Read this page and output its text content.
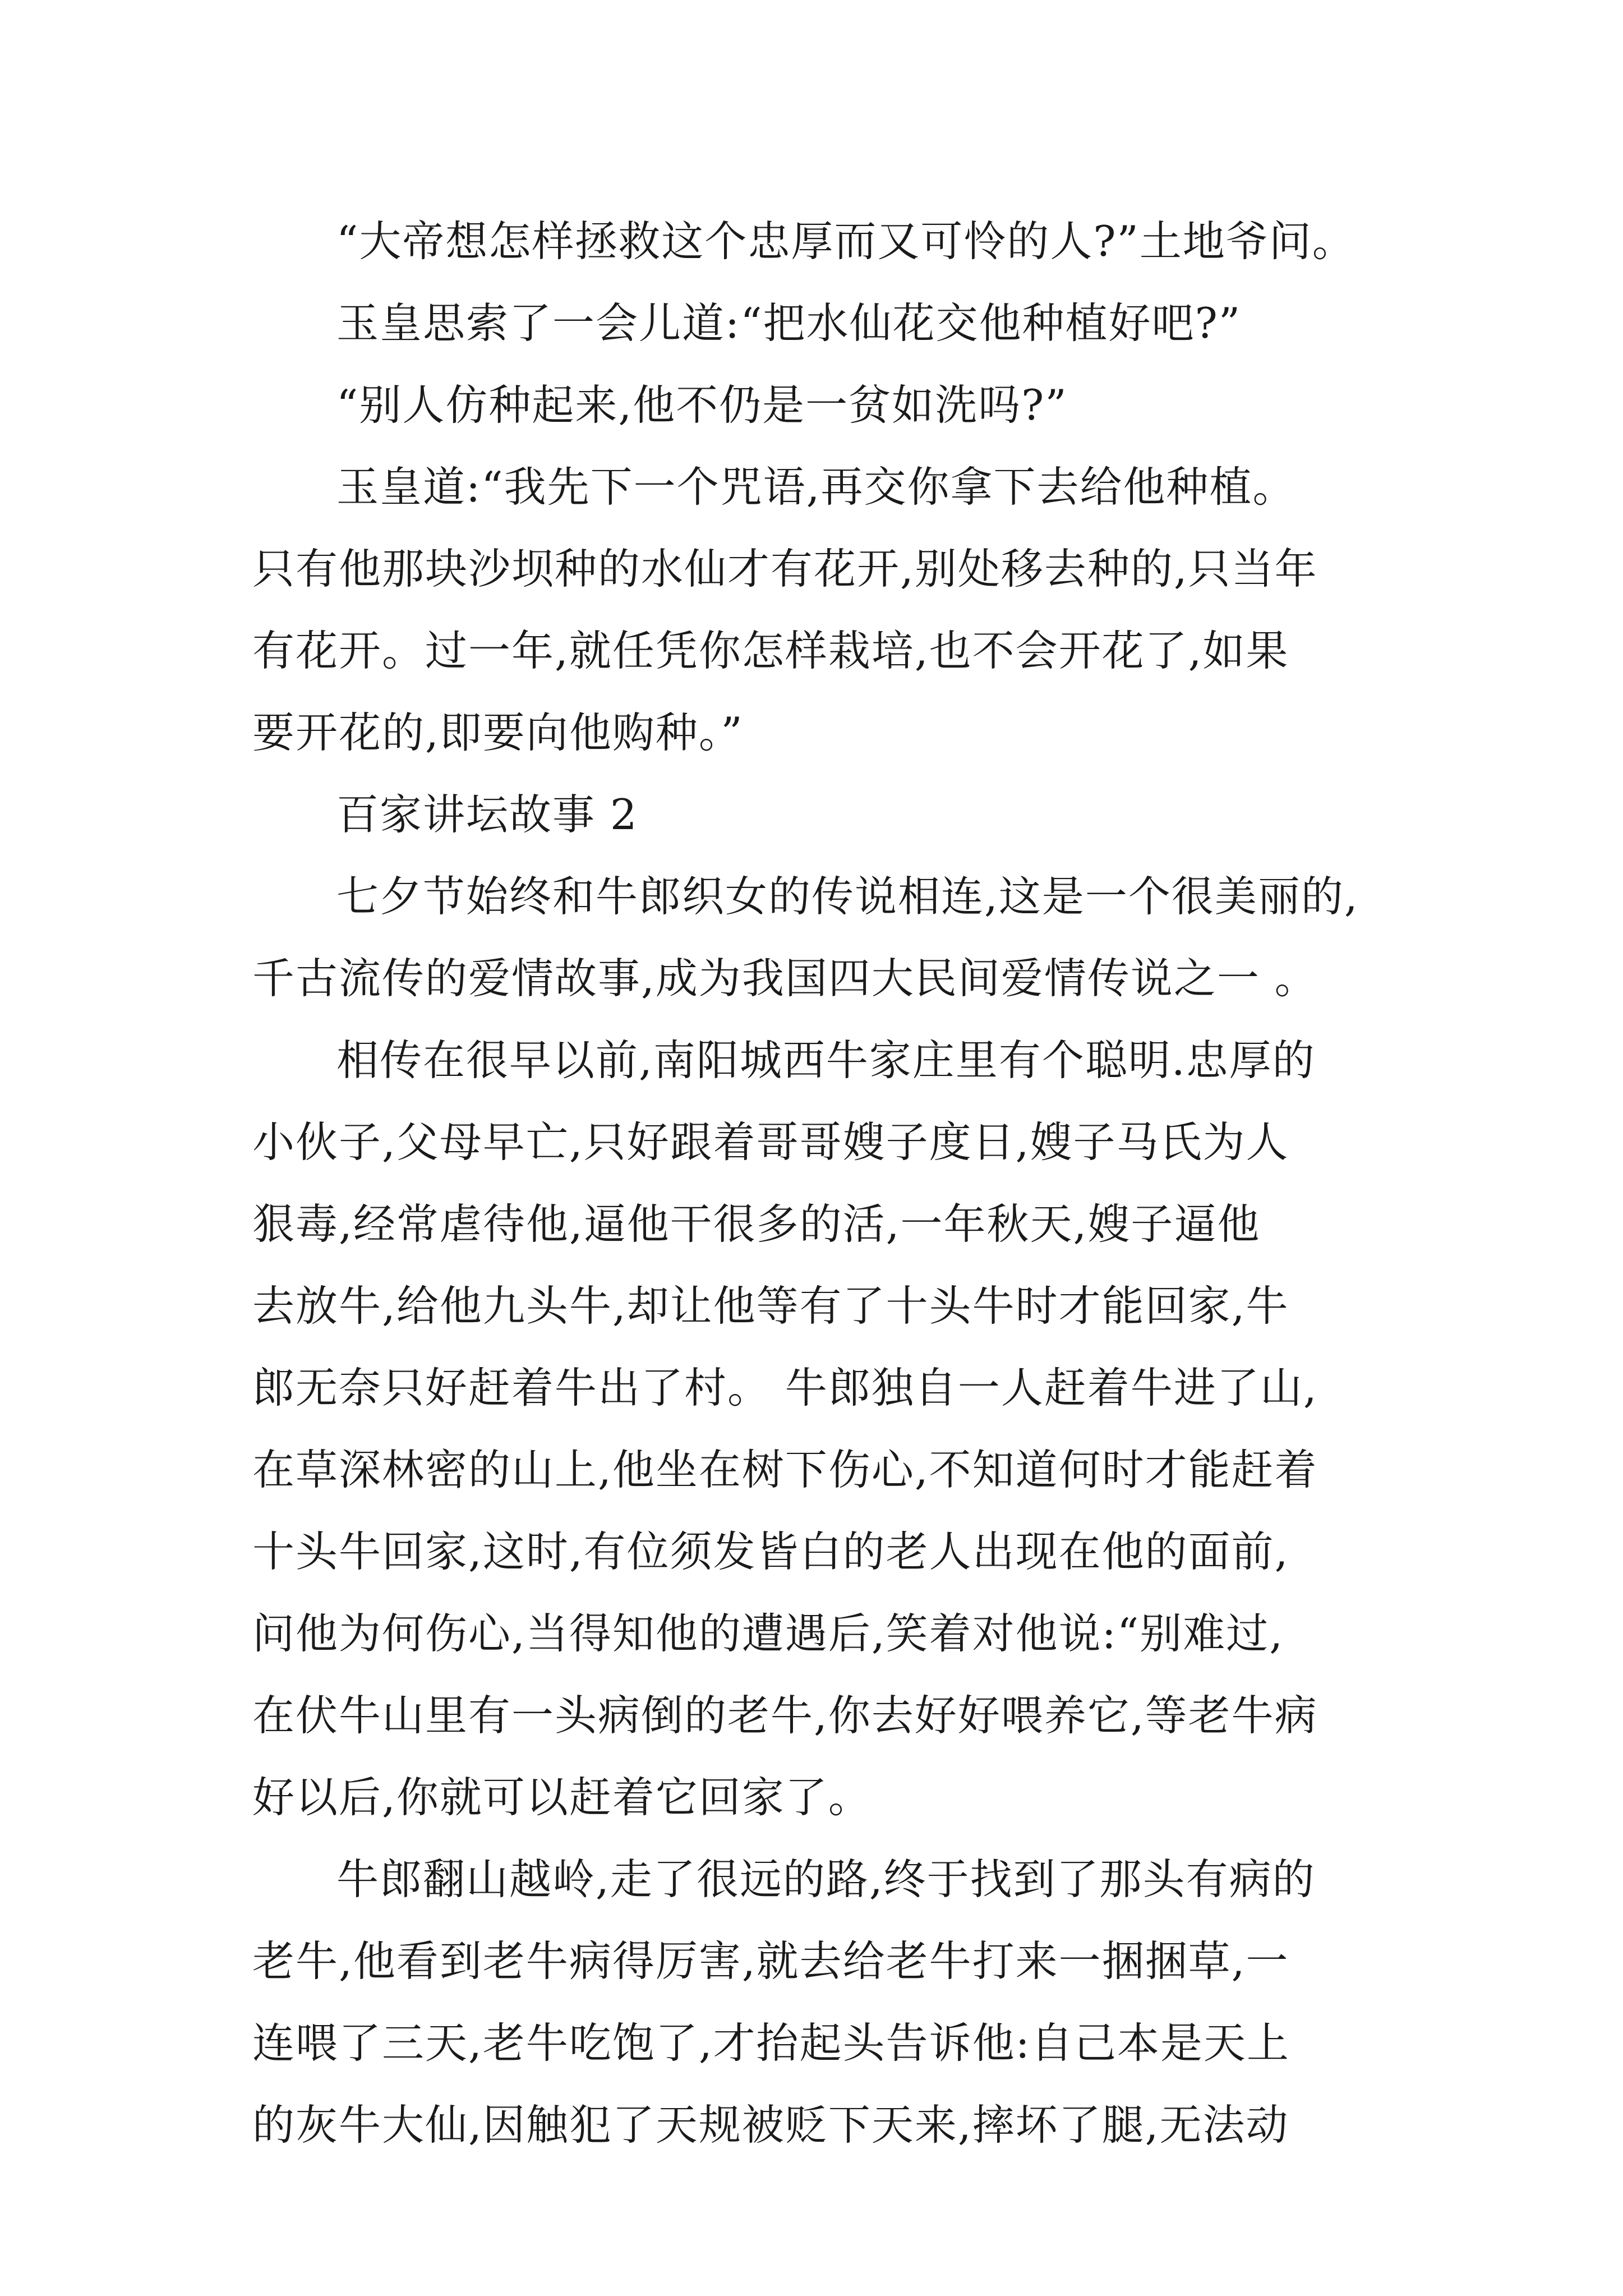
“大帝想怎样拯救这个忠厚而又可怜的人?”土地爷问。
玉皇思索了一会儿道:“把水仙花交他种植好吧?”
“别人仿种起来,他不仍是一贫如洗吗?”
玉皇道:“我先下一个咒语,再交你拿下去给他种植。
只有他那块沙坝种的水仙才有花开,别处移去种的,只当年
有花开。过一年,就任凭你怎样栽培,也不会开花了,如果
要开花的,即要向他购种。”
百家讲坛故事 2
七夕节始终和牛郎织女的传说相连,这是一个很美丽的,
千古流传的爱情故事,成为我国四大民间爱情传说之一 。
相传在很早以前,南阳城西牛家庄里有个聪明.忠厚的
小伙子,父母早亡,只好跟着哥哥嫂子度日,嫂子马氏为人
狠毒,经常虐待他,逼他干很多的活,一年秋天,嫂子逼他
去放牛,给他九头牛,却让他等有了十头牛时才能回家,牛
郎无奈只好赶着牛出了村。 牛郎独自一人赶着牛进了山,
在草深林密的山上,他坐在树下伤心,不知道何时才能赶着
十头牛回家,这时,有位须发皆白的老人出现在他的面前,
问他为何伤心,当得知他的遭遇后,笑着对他说:“别难过,
在伏牛山里有一头病倒的老牛,你去好好喂养它,等老牛病
好以后,你就可以赶着它回家了。
牛郎翻山越岭,走了很远的路,终于找到了那头有病的
老牛,他看到老牛病得厉害,就去给老牛打来一捆捆草,一
连喂了三天,老牛吃饱了,才抬起头告诉他:自己本是天上
的灰牛大仙,因触犯了天规被贬下天来,摔坏了腿,无法动
